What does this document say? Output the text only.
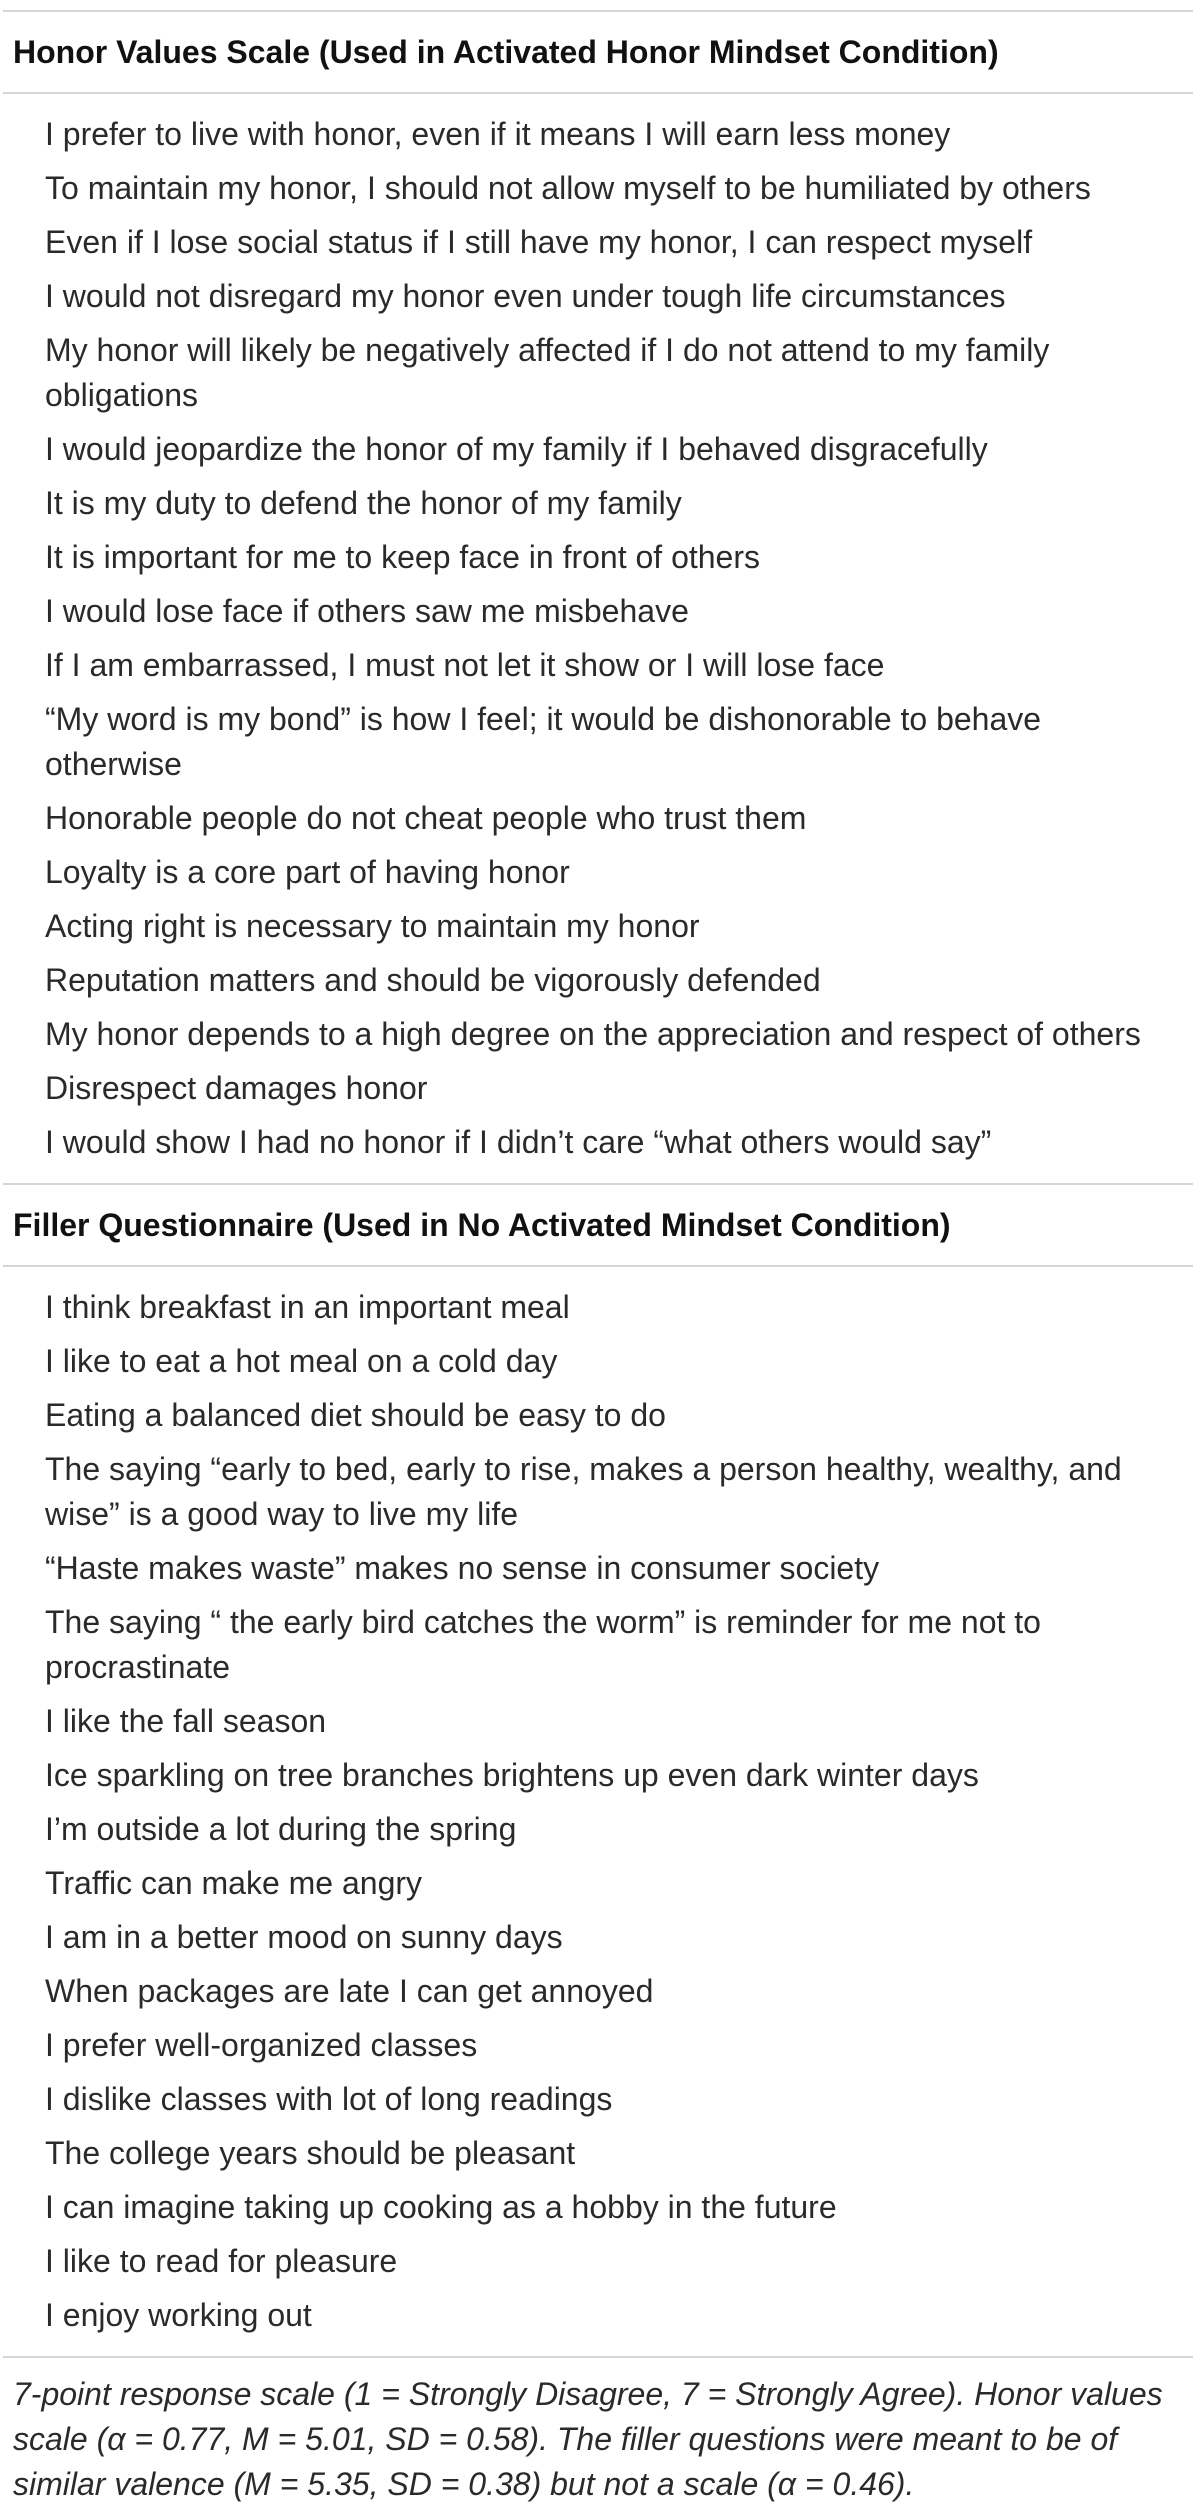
Honor Values Scale (Used in Activated Honor Mindset Condition)
I prefer to live with honor, even if it means I will earn less money
To maintain my honor, I should not allow myself to be humiliated by others
Even if I lose social status if I still have my honor, I can respect myself
I would not disregard my honor even under tough life circumstances
My honor will likely be negatively affected if I do not attend to my family obligations
I would jeopardize the honor of my family if I behaved disgracefully
It is my duty to defend the honor of my family
It is important for me to keep face in front of others
I would lose face if others saw me misbehave
If I am embarrassed, I must not let it show or I will lose face
“My word is my bond” is how I feel; it would be dishonorable to behave otherwise
Honorable people do not cheat people who trust them
Loyalty is a core part of having honor
Acting right is necessary to maintain my honor
Reputation matters and should be vigorously defended
My honor depends to a high degree on the appreciation and respect of others
Disrespect damages honor
I would show I had no honor if I didn’t care “what others would say”
Filler Questionnaire (Used in No Activated Mindset Condition)
I think breakfast in an important meal
I like to eat a hot meal on a cold day
Eating a balanced diet should be easy to do
The saying “early to bed, early to rise, makes a person healthy, wealthy, and wise” is a good way to live my life
“Haste makes waste” makes no sense in consumer society
The saying “ the early bird catches the worm” is reminder for me not to procrastinate
I like the fall season
Ice sparkling on tree branches brightens up even dark winter days
I’m outside a lot during the spring
Traffic can make me angry
I am in a better mood on sunny days
When packages are late I can get annoyed
I prefer well-organized classes
I dislike classes with lot of long readings
The college years should be pleasant
I can imagine taking up cooking as a hobby in the future
I like to read for pleasure
I enjoy working out
7-point response scale (1 = Strongly Disagree, 7 = Strongly Agree). Honor values scale (α = 0.77, M = 5.01, SD = 0.58). The filler questions were meant to be of similar valence (M = 5.35, SD = 0.38) but not a scale (α = 0.46).
